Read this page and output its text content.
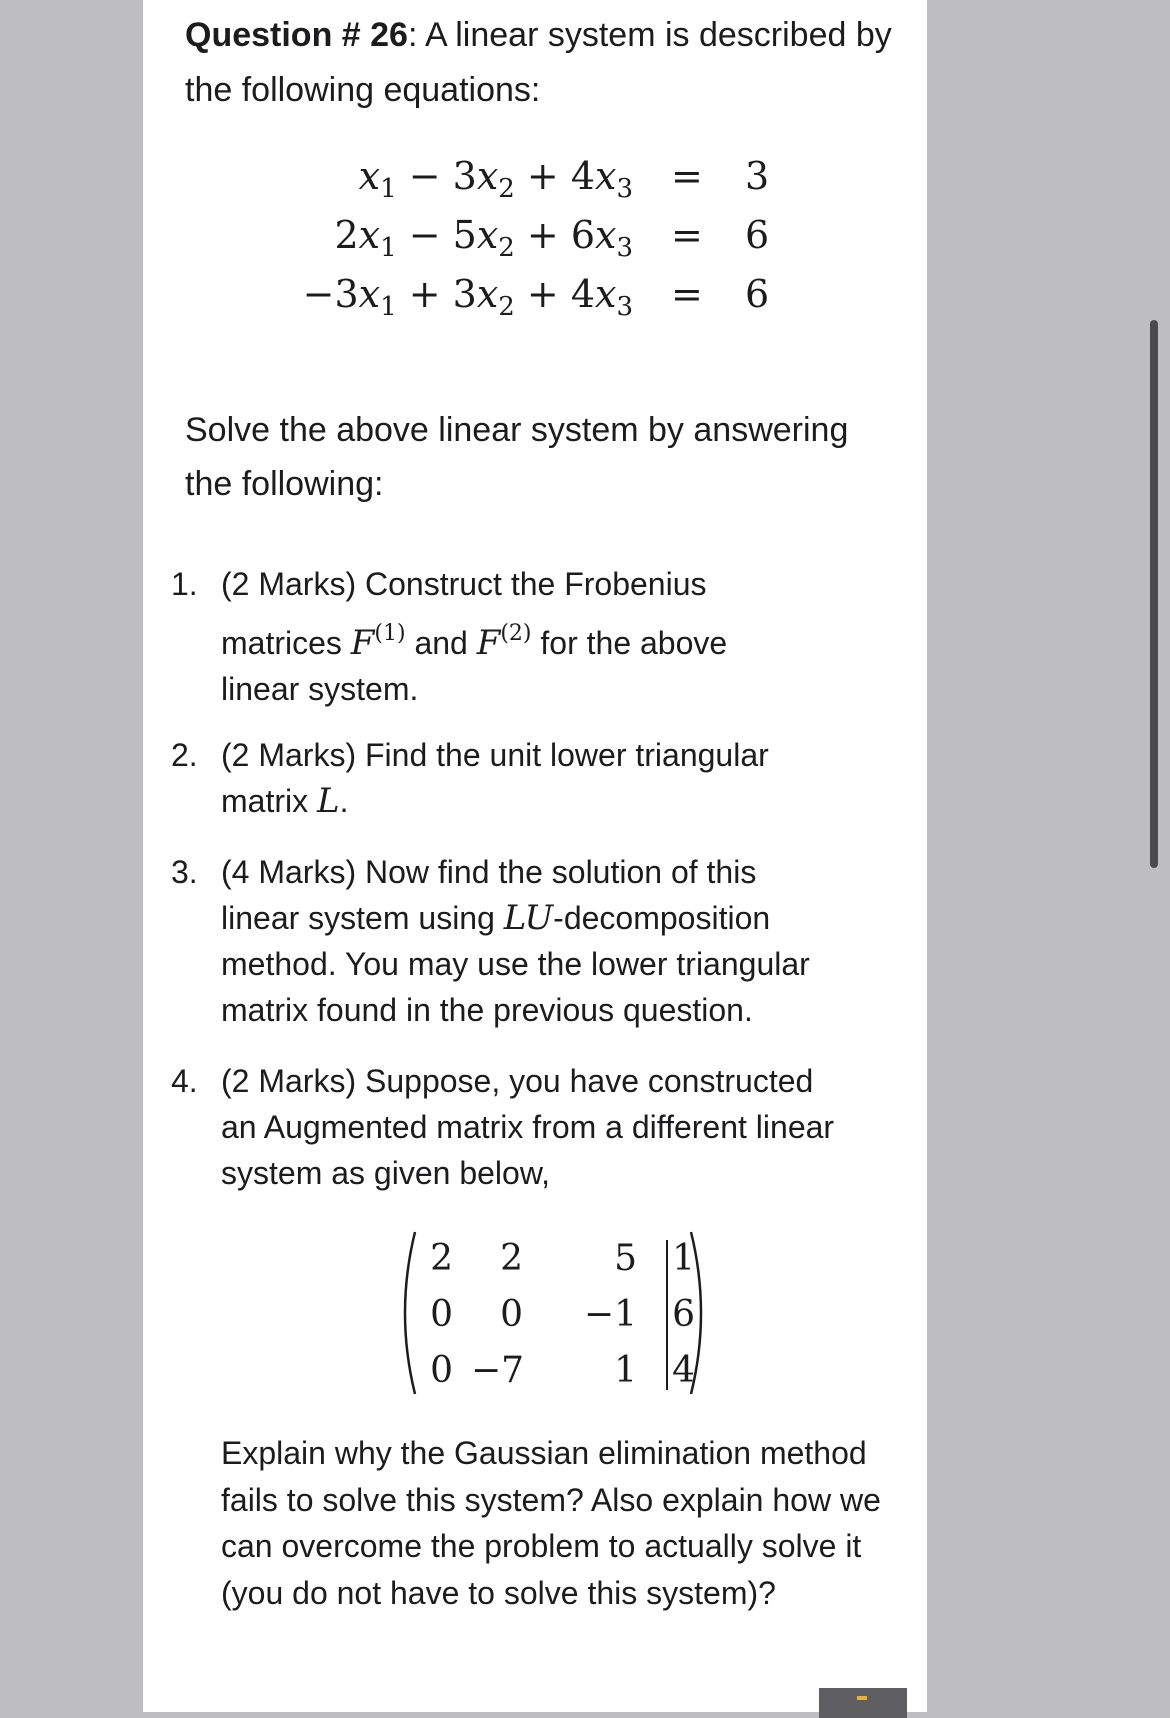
Question # 26: A linear system is described by the following equations:
$x_1 - 3x_2 + 4x_3 = 3$
$2x_1 - 5x_2 + 6x_3 = 6$
$-3x_1 + 3x_2 + 4x_3 = 6$
Solve the above linear system by answering the following:
1. (2 Marks) Construct the Frobenius
matrices $F^{(1)}$ and $F^{(2)}$ for the above
linear system.
2. (2 Marks) Find the unit lower triangular
matrix L.
3. (4 Marks) Now find the solution of this
linear system using LU-decomposition
method. You may use the lower triangular
matrix found in the previous question.
4. (2 Marks) Suppose, you have constructed
an Augmented matrix from a different linear
system as given below,
2	2	5 1
0	0 −1 6
0 −7	1 4
Explain why the Gaussian elimination method fails to solve this system? Also explain how we can overcome the problem to actually solve it (you do not have to solve this system)?
